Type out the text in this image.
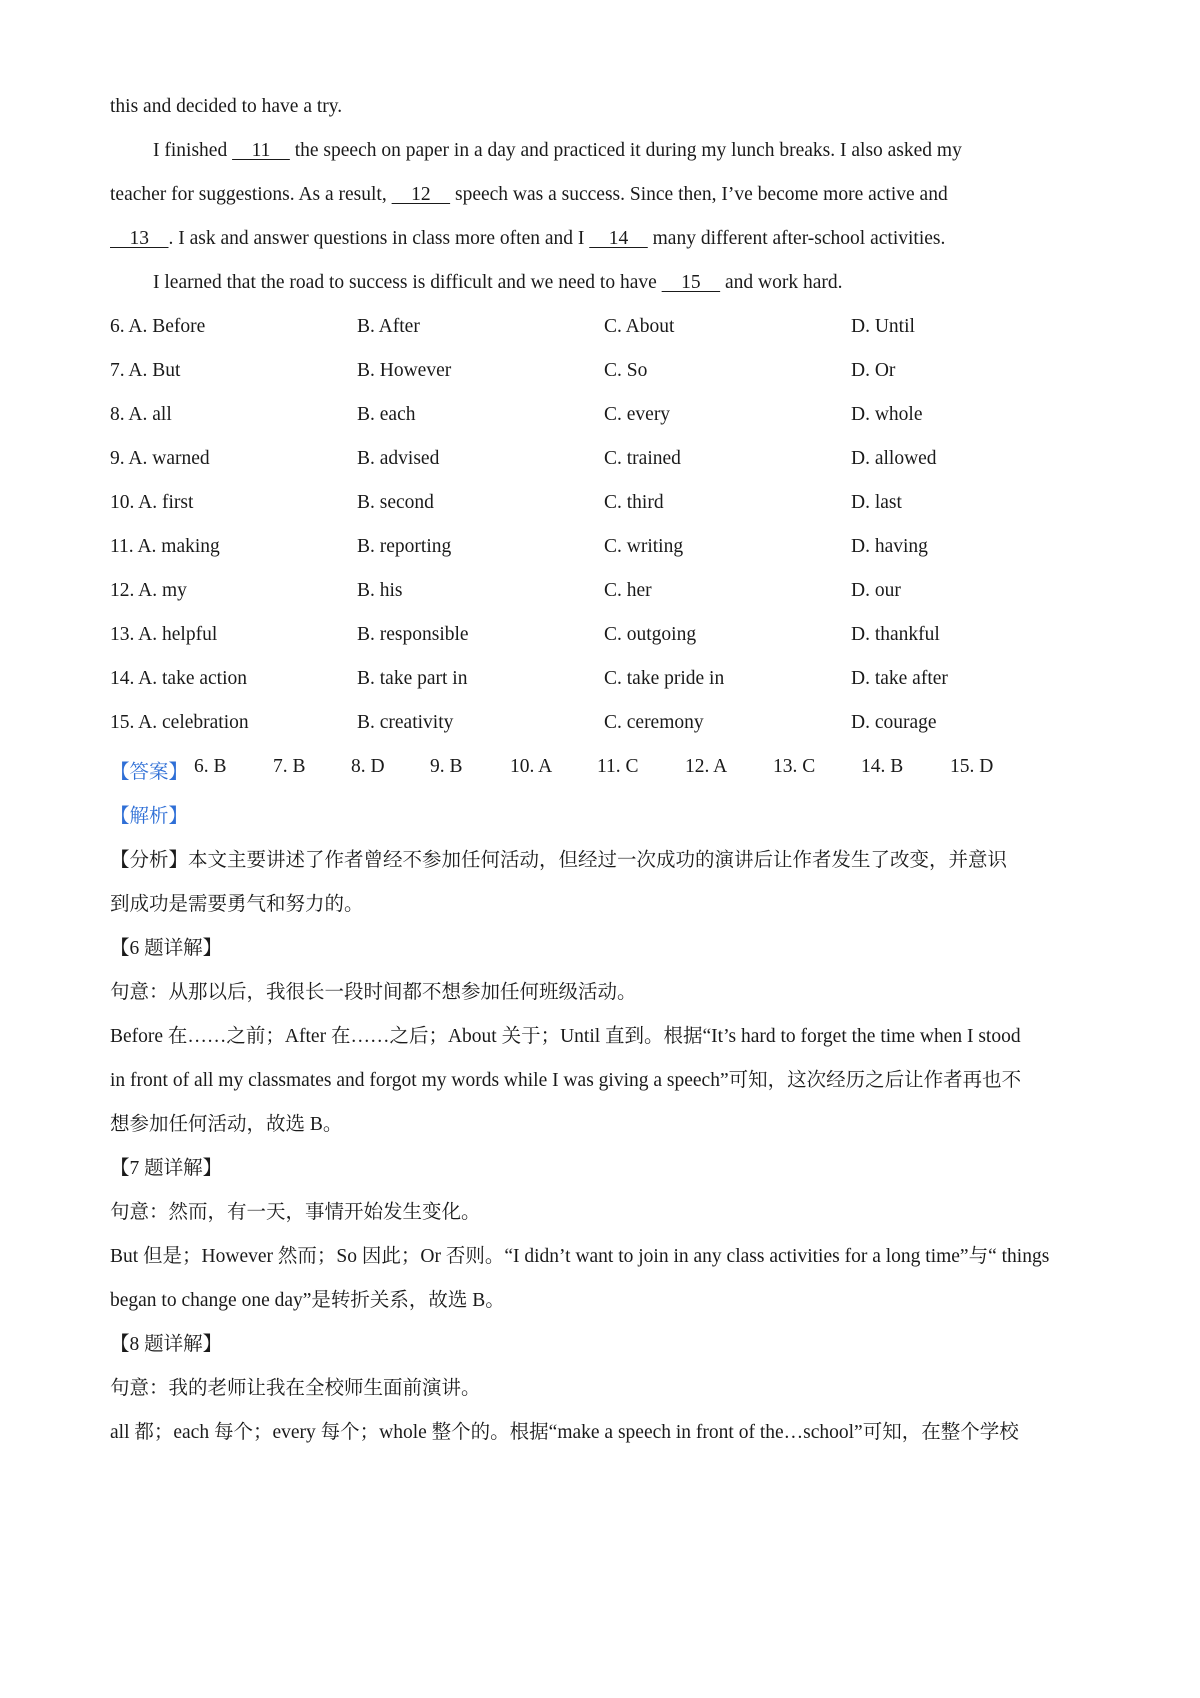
this and decided to have a try.
I finished     11     the speech on paper in a day and practiced it during my lunch breaks. I also asked my
teacher for suggestions. As a result,     12     speech was a success. Since then, I’ve become more active and
13    . I ask and answer questions in class more often and I     14     many different after-school activities.
I learned that the road to success is difficult and we need to have     15     and work hard.
6. A. Before	B. After	C. About	D. Until
7. A. But	B. However	C. So	D. Or
8. A. all	B. each	C. every	D. whole
9. A. warned	B. advised	C. trained	D. allowed
10. A. first	B. second	C. third	D. last
11. A. making	B. reporting	C. writing	D. having
12. A. my	B. his	C. her	D. our
13. A. helpful	B. responsible	C. outgoing	D. thankful
14. A. take action	B. take part in	C. take pride in	D. take after
15. A. celebration	B. creativity	C. ceremony	D. courage
【答案】 6. B 7. B 8. D 9. B 10. A 11. C 12. A 13. C 14. B 15. D
【解析】
【分析】本文主要讲述了作者曾经不参加任何活动，但经过一次成功的演讲后让作者发生了改变，并意识
到成功是需要勇气和努力的。
【6 题详解】
句意：从那以后，我很长一段时间都不想参加任何班级活动。
Before 在……之前；After 在……之后；About 关于；Until 直到。根据“It’s hard to forget the time when I stood
in front of all my classmates and forgot my words while I was giving a speech”可知，这次经历之后让作者再也不
想参加任何活动，故选 B。
【7 题详解】
句意：然而，有一天，事情开始发生变化。
But 但是；However 然而；So 因此；Or 否则。“I didn’t want to join in any class activities for a long time”与“ things
began to change one day”是转折关系，故选 B。
【8 题详解】
句意：我的老师让我在全校师生面前演讲。
all 都；each 每个；every 每个；whole 整个的。根据“make a speech in front of the…school”可知，在整个学校
